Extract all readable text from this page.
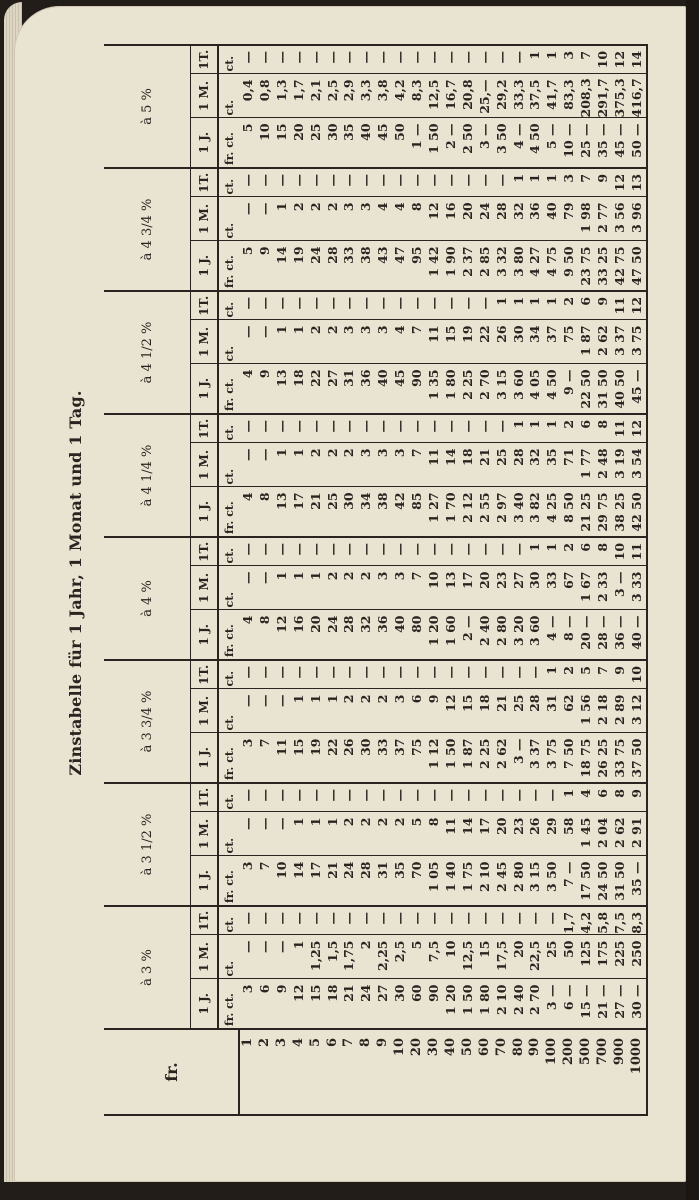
Zinstabelle für 1 Jahr, 1 Monat und 1 Tag.
fr.	à 3 %			à 3 1/2 %			à 3 3/4 %			à 4 %			à 4 1/4 %			à 4 1/2 %			à 4 3/4 %			à 5 %		
	1 J.	1 M.	1T.	1 J.	1 M.	1T.	1 J.	1 M.	1T.	1 J.	1 M.	1T.	1 J.	1 M.	1T.	1 J.	1 M.	1T.	1 J.	1 M.	1T.	1 J.	1 M.	1T.
	fr. ct.	ct.	ct.	fr. ct.	ct.	ct.	fr. ct.	ct.	ct.	fr. ct.	ct.	ct.	fr. ct.	ct.	ct.	fr. ct.	ct.	ct.	fr. ct.	ct.	ct.	fr. ct.	ct.	ct.
1	3	—	—	3	—	—	3	—	—	4	—	—	4	—	—	4	—	—	5	—	—	5	0,4	—
2	6	—	—	7	—	—	7	—	—	8	—	—	8	—	—	9	—	—	9	—	—	10	0,8	—
3	9	—	—	10	—	—	11	—	—	12	1	—	13	1	—	13	1	—	14	1	—	15	1,3	—
4	12	1	—	14	1	—	15	1	—	16	1	—	17	1	—	18	1	—	19	2	—	20	1,7	—
5	15	1,25	—	17	1	—	19	1	—	20	1	—	21	2	—	22	2	—	24	2	—	25	2,1	—
6	18	1,5	—	21	1	—	22	1	—	24	2	—	25	2	—	27	2	—	28	2	—	30	2,5	—
7	21	1,75	—	24	2	—	26	2	—	28	2	—	30	2	—	31	3	—	33	3	—	35	2,9	—
8	24	2	—	28	2	—	30	2	—	32	2	—	34	3	—	36	3	—	38	3	—	40	3,3	—
9	27	2,25	—	31	2	—	33	2	—	36	3	—	38	3	—	40	3	—	43	4	—	45	3,8	—
10	30	2,5	—	35	2	—	37	3	—	40	3	—	42	3	—	45	4	—	47	4	—	50	4,2	—
20	60	5	—	70	5	—	75	6	—	80	7	—	85	7	—	90	7	—	95	8	—	1 —	8,3	—
30	90	7,5	—	1 05	8	—	1 12	9	—	1 20	10	—	1 27	11	—	1 35	11	—	1 42	12	—	1 50	12,5	—
40	1 20	10	—	1 40	11	—	1 50	12	—	1 60	13	—	1 70	14	—	1 80	15	—	1 90	16	—	2 —	16,7	—
50	1 50	12,5	—	1 75	14	—	1 87	15	—	2 —	17	—	2 12	18	—	2 25	19	—	2 37	20	—	2 50	20,8	—
60	1 80	15	—	2 10	17	—	2 25	18	—	2 40	20	—	2 55	21	—	2 70	22	—	2 85	24	—	3 —	25,—	—
70	2 10	17,5	—	2 45	20	—	2 62	21	—	2 80	23	—	2 97	25	—	3 15	26	1	3 32	28	—	3 50	29,2	—
80	2 40	20	—	2 80	23	—	3 —	25	—	3 20	27	—	3 40	28	1	3 60	30	1	3 80	32	1	4 —	33,3	—
90	2 70	22,5	—	3 15	26	—	3 37	28	—	3 60	30	1	3 82	32	1	4 05	34	1	4 27	36	1	4 50	37,5	1
100	3 —	25	—	3 50	29	—	3 75	31	1	4 —	33	1	4 25	35	1	4 50	37	1	4 75	40	1	5 —	41,7	1
200	6 —	50	1,7	7 —	58	1	7 50	62	2	8 —	67	2	8 50	71	2	9 —	75	2	9 50	79	3	10 —	83,3	3
500	15 —	125	4,2	17 50	1 45	4	18 75	1 56	5	20 —	1 67	6	21 25	1 77	6	22 50	1 87	6	23 75	1 98	7	25 —	208,3	7
700	21 —	175	5,8	24 50	2 04	6	26 25	2 18	7	28 —	2 33	8	29 75	2 48	8	31 50	2 62	9	33 25	2 77	9	35 —	291,7	10
900	27 —	225	7,5	31 50	2 62	8	33 75	2 89	9	36 —	3 —	10	38 25	3 19	11	40 50	3 37	11	42 75	3 56	12	45 —	375,3	12
1000	30 —	250	8,3	35 —	2 91	9	37 50	3 12	10	40 —	3 33	11	42 50	3 54	12	45 —	3 75	12	47 50	3 96	13	50 —	416,7	14
